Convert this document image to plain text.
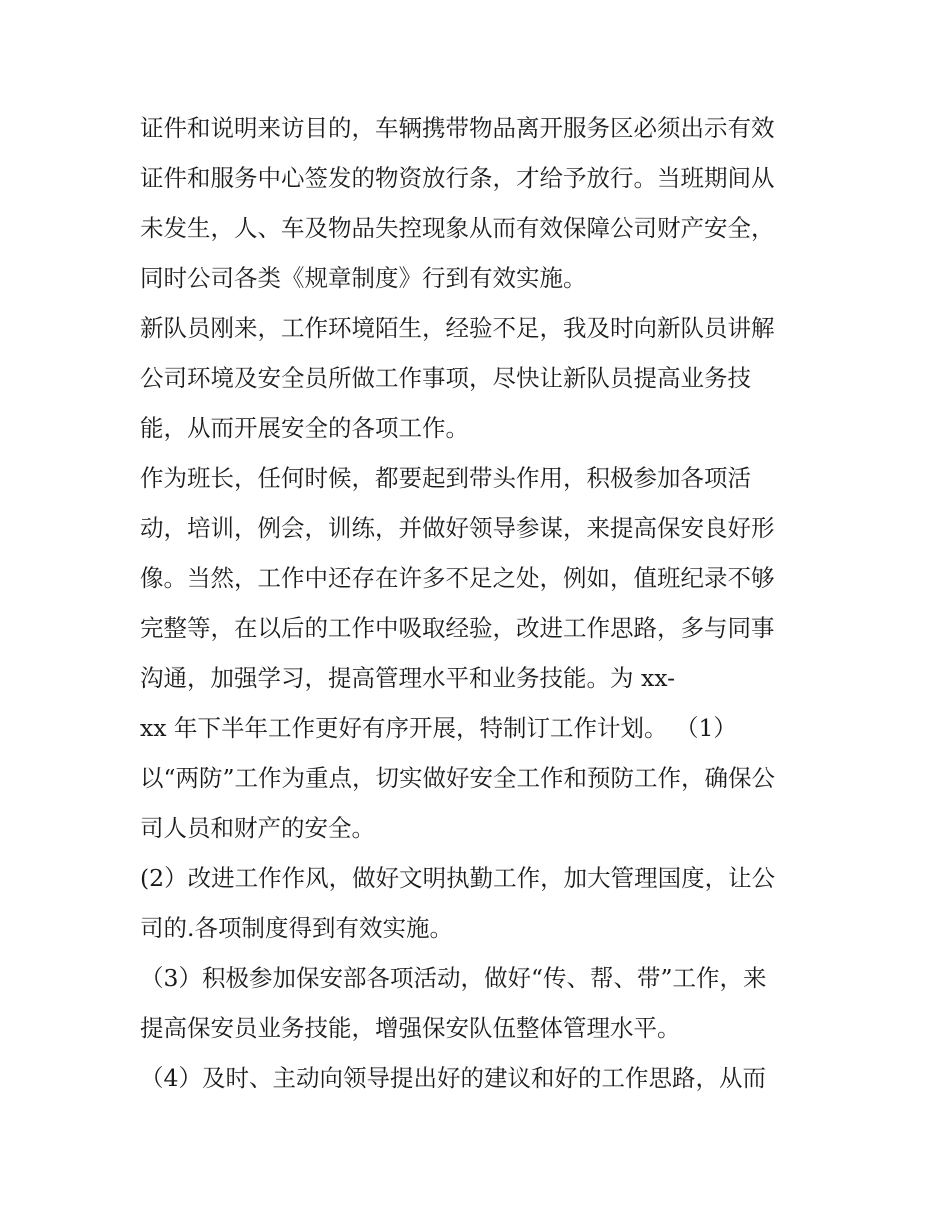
证件和说明来访目的，车辆携带物品离开服务区必须出示有效
证件和服务中心签发的物资放行条，才给予放行。当班期间从
未发生，人、车及物品失控现象从而有效保障公司财产安全，
同时公司各类《规章制度》行到有效实施。
新队员刚来，工作环境陌生，经验不足，我及时向新队员讲解
公司环境及安全员所做工作事项，尽快让新队员提高业务技
能，从而开展安全的各项工作。
作为班长，任何时候，都要起到带头作用，积极参加各项活
动，培训，例会，训练，并做好领导参谋，来提高保安良好形
像。当然，工作中还存在许多不足之处，例如，值班纪录不够
完整等，在以后的工作中吸取经验，改进工作思路，多与同事
沟通，加强学习，提高管理水平和业务技能。为 xx-
xx 年下半年工作更好有序开展，特制订工作计划。 （1）
以“两防”工作为重点，切实做好安全工作和预防工作，确保公
司人员和财产的安全。
(2）改进工作作风，做好文明执勤工作，加大管理国度，让公
司的.各项制度得到有效实施。
（3）积极参加保安部各项活动，做好“传、帮、带”工作，来
提高保安员业务技能，增强保安队伍整体管理水平。
（4）及时、主动向领导提出好的建议和好的工作思路，从而
